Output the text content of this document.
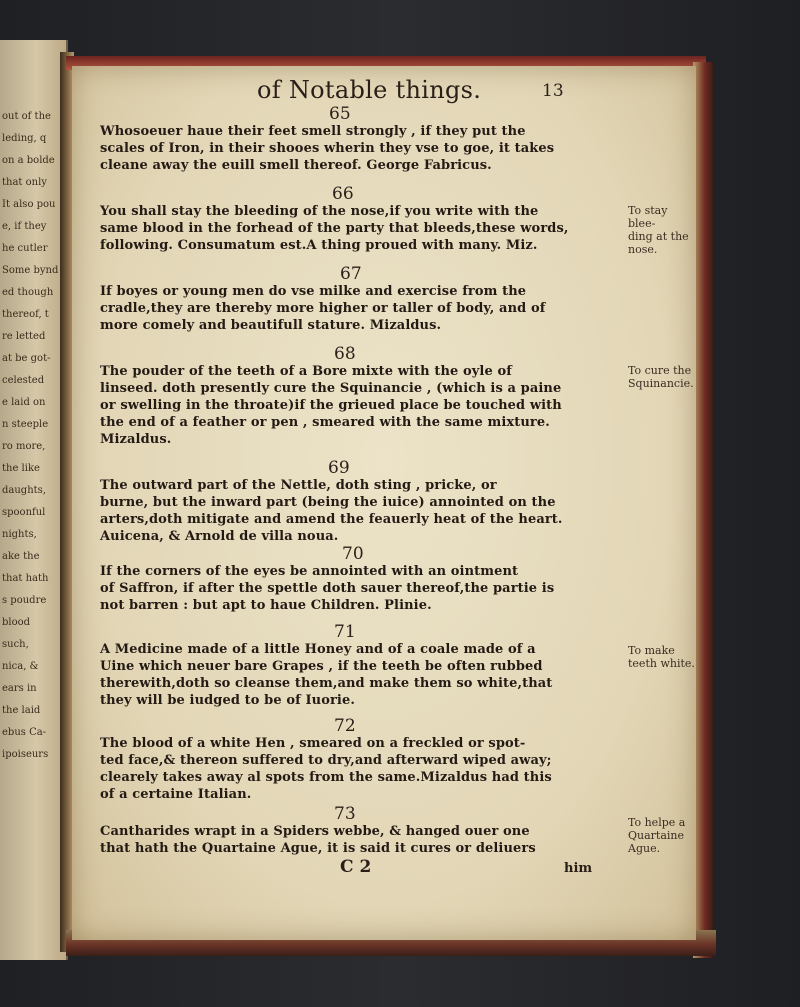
out of the
leding, q
on a bolde
that only
It also pou
e, if they
he cutler
Some bynd
ed though
thereof, t
re letted
at be got-
celested
e laid on
n steeple
ro more,
the like
daughts,
spoonful
nights,
ake the
that hath
s poudre
blood
such,
nica, &
ears in
the laid
ebus Ca-
ipoiseurs
of Notable things.	13
65
Whosoeuer haue their feet smell strongly , if they put the
scales of Iron, in their shooes wherin they vse to goe, it takes
cleane away the euill smell thereof. George Fabricus.
66
You shall stay the bleeding of the nose,if you write with the
same blood in the forhead of the party that bleeds,these words,
following. Consumatum est.A thing proued with many. Miz.
To stay blee-
ding at the
nose.
67
If boyes or young men do vse milke and exercise from the
cradle,they are thereby more higher or taller of body, and of
more comely and beautifull stature. Mizaldus.
68
The pouder of the teeth of a Bore mixte with the oyle of
linseed. doth presently cure the Squinancie , (which is a paine
or swelling in the throate)if the grieued place be touched with
the end of a feather or pen , smeared with the same mixture.
Mizaldus.
To cure the
Squinancie.
69
The outward part of the Nettle, doth sting , pricke, or
burne, but the inward part (being the iuice) annointed on the
arters,doth mitigate and amend the feauerly heat of the heart.
Auicena, & Arnold de villa noua.
70
If the corners of the eyes be annointed with an ointment
of Saffron, if after the spettle doth sauer thereof,the partie is
not barren : but apt to haue Children. Plinie.
71
A Medicine made of a little Honey and of a coale made of a
Uine which neuer bare Grapes , if the teeth be often rubbed
therewith,doth so cleanse them,and make them so white,that
they will be iudged to be of Iuorie.
To make
teeth white.
72
The blood of a white Hen , smeared on a freckled or spot-
ted face,& thereon suffered to dry,and afterward wiped away;
clearely takes away al spots from the same.Mizaldus had this
of a certaine Italian.
73
Cantharides wrapt in a Spiders webbe, & hanged ouer one
that hath the Quartaine Ague, it is said it cures or deliuers
To helpe a
Quartaine
Ague.
C 2	him
